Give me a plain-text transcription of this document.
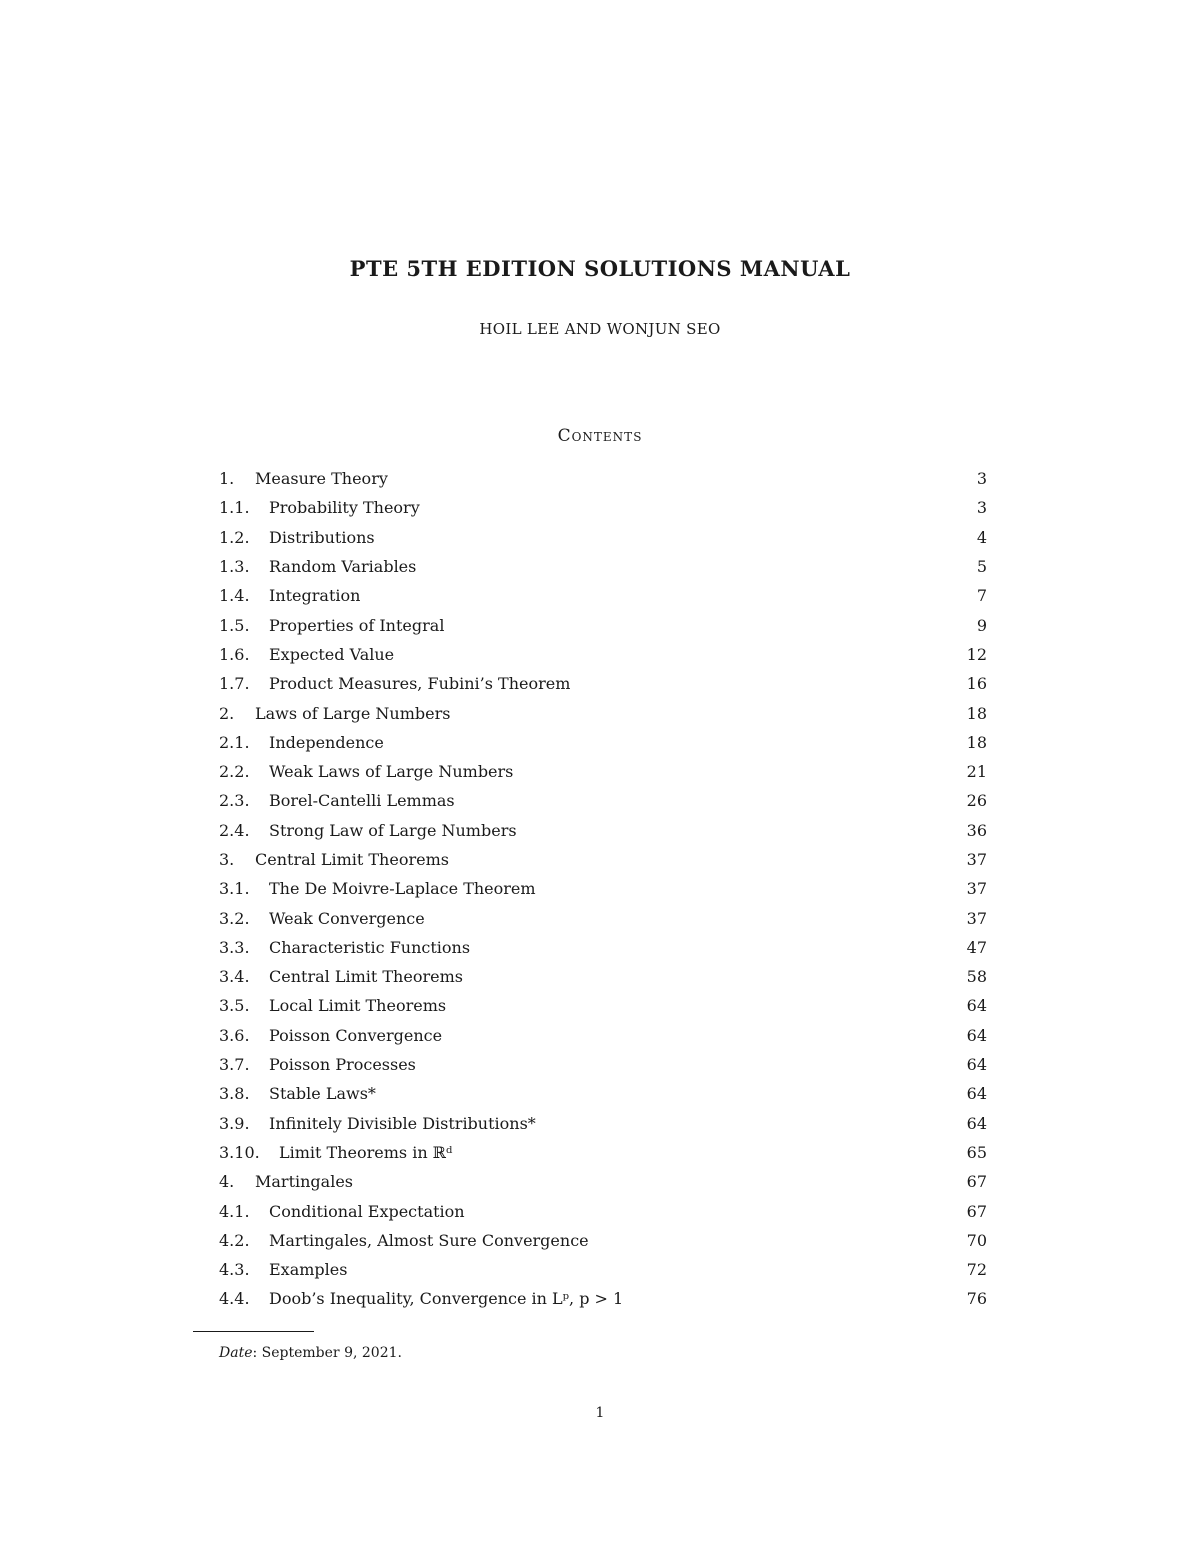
PTE 5TH EDITION SOLUTIONS MANUAL
HOIL LEE AND WONJUN SEO
Contents
1.	Measure Theory	3
1.1.	Probability Theory	3
1.2.	Distributions	4
1.3.	Random Variables	5
1.4.	Integration	7
1.5.	Properties of Integral	9
1.6.	Expected Value	12
1.7.	Product Measures, Fubini’s Theorem	16
2.	Laws of Large Numbers	18
2.1.	Independence	18
2.2.	Weak Laws of Large Numbers	21
2.3.	Borel-Cantelli Lemmas	26
2.4.	Strong Law of Large Numbers	36
3.	Central Limit Theorems	37
3.1.	The De Moivre-Laplace Theorem	37
3.2.	Weak Convergence	37
3.3.	Characteristic Functions	47
3.4.	Central Limit Theorems	58
3.5.	Local Limit Theorems	64
3.6.	Poisson Convergence	64
3.7.	Poisson Processes	64
3.8.	Stable Laws*	64
3.9.	Infinitely Divisible Distributions*	64
3.10.	Limit Theorems in ℝᵈ	65
4.	Martingales	67
4.1.	Conditional Expectation	67
4.2.	Martingales, Almost Sure Convergence	70
4.3.	Examples	72
4.4.	Doob’s Inequality, Convergence in Lᵖ, p > 1	76
Date: September 9, 2021.
1
